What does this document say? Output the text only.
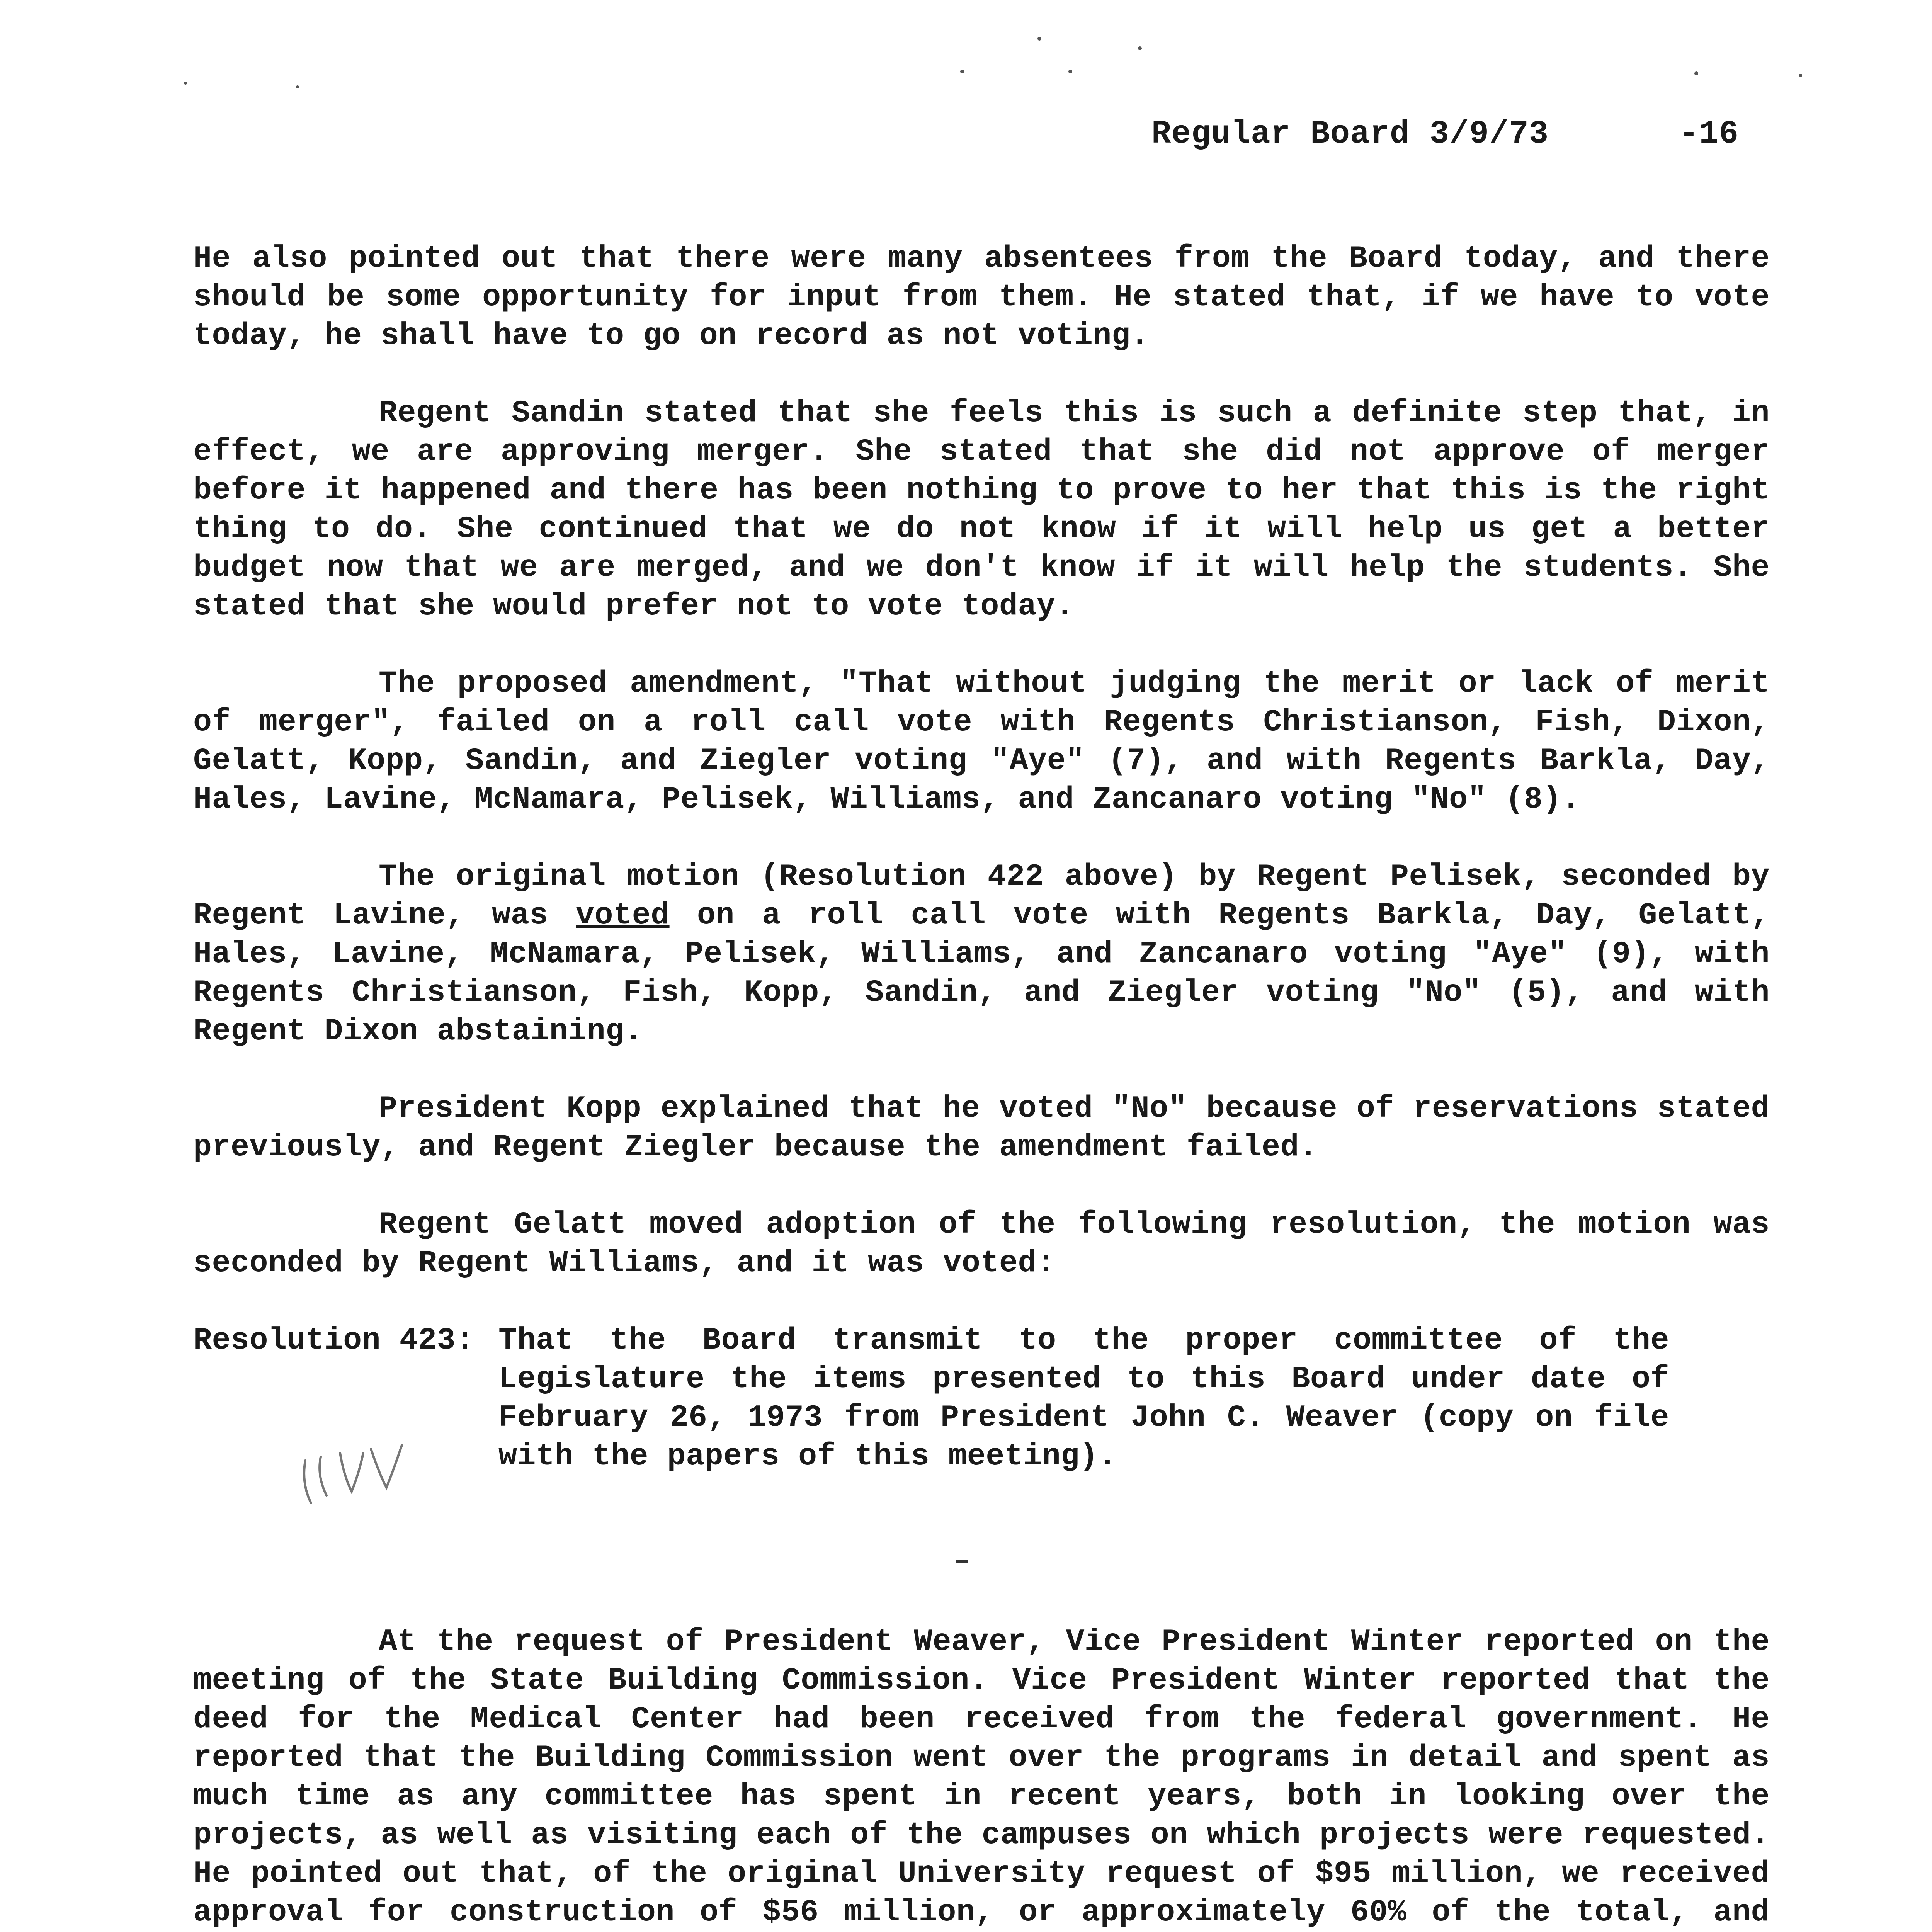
Regular Board 3/9/73	-16

He also pointed out that there were many absentees from the Board today, and there should be some opportunity for input from them. He stated that, if we have to vote today, he shall have to go on record as not voting.

Regent Sandin stated that she feels this is such a definite step that, in effect, we are approving merger. She stated that she did not approve of merger before it happened and there has been nothing to prove to her that this is the right thing to do. She continued that we do not know if it will help us get a better budget now that we are merged, and we don't know if it will help the students. She stated that she would prefer not to vote today.

The proposed amendment, "That without judging the merit or lack of merit of merger", failed on a roll call vote with Regents Christianson, Fish, Dixon, Gelatt, Kopp, Sandin, and Ziegler voting "Aye" (7), and with Regents Barkla, Day, Hales, Lavine, McNamara, Pelisek, Williams, and Zancanaro voting "No" (8).

The original motion (Resolution 422 above) by Regent Pelisek, seconded by Regent Lavine, was voted on a roll call vote with Regents Barkla, Day, Gelatt, Hales, Lavine, McNamara, Pelisek, Williams, and Zancanaro voting "Aye" (9), with Regents Christianson, Fish, Kopp, Sandin, and Ziegler voting "No" (5), and with Regent Dixon abstaining.

President Kopp explained that he voted "No" because of reservations stated previously, and Regent Ziegler because the amendment failed.

Regent Gelatt moved adoption of the following resolution, the motion was seconded by Regent Williams, and it was voted:

Resolution 423: That the Board transmit to the proper committee of the Legislature the items presented to this Board under date of February 26, 1973 from President John C. Weaver (copy on file with the papers of this meeting).

At the request of President Weaver, Vice President Winter reported on the meeting of the State Building Commission. Vice President Winter reported that the deed for the Medical Center had been received from the federal government. He reported that the Building Commission went over the programs in detail and spent as much time as any committee has spent in recent years, both in looking over the projects, as well as visiting each of the campuses on which projects were requested. He pointed out that, of the original University request of $95 million, we received approval for construction of $56 million, or approximately 60% of the total, and
